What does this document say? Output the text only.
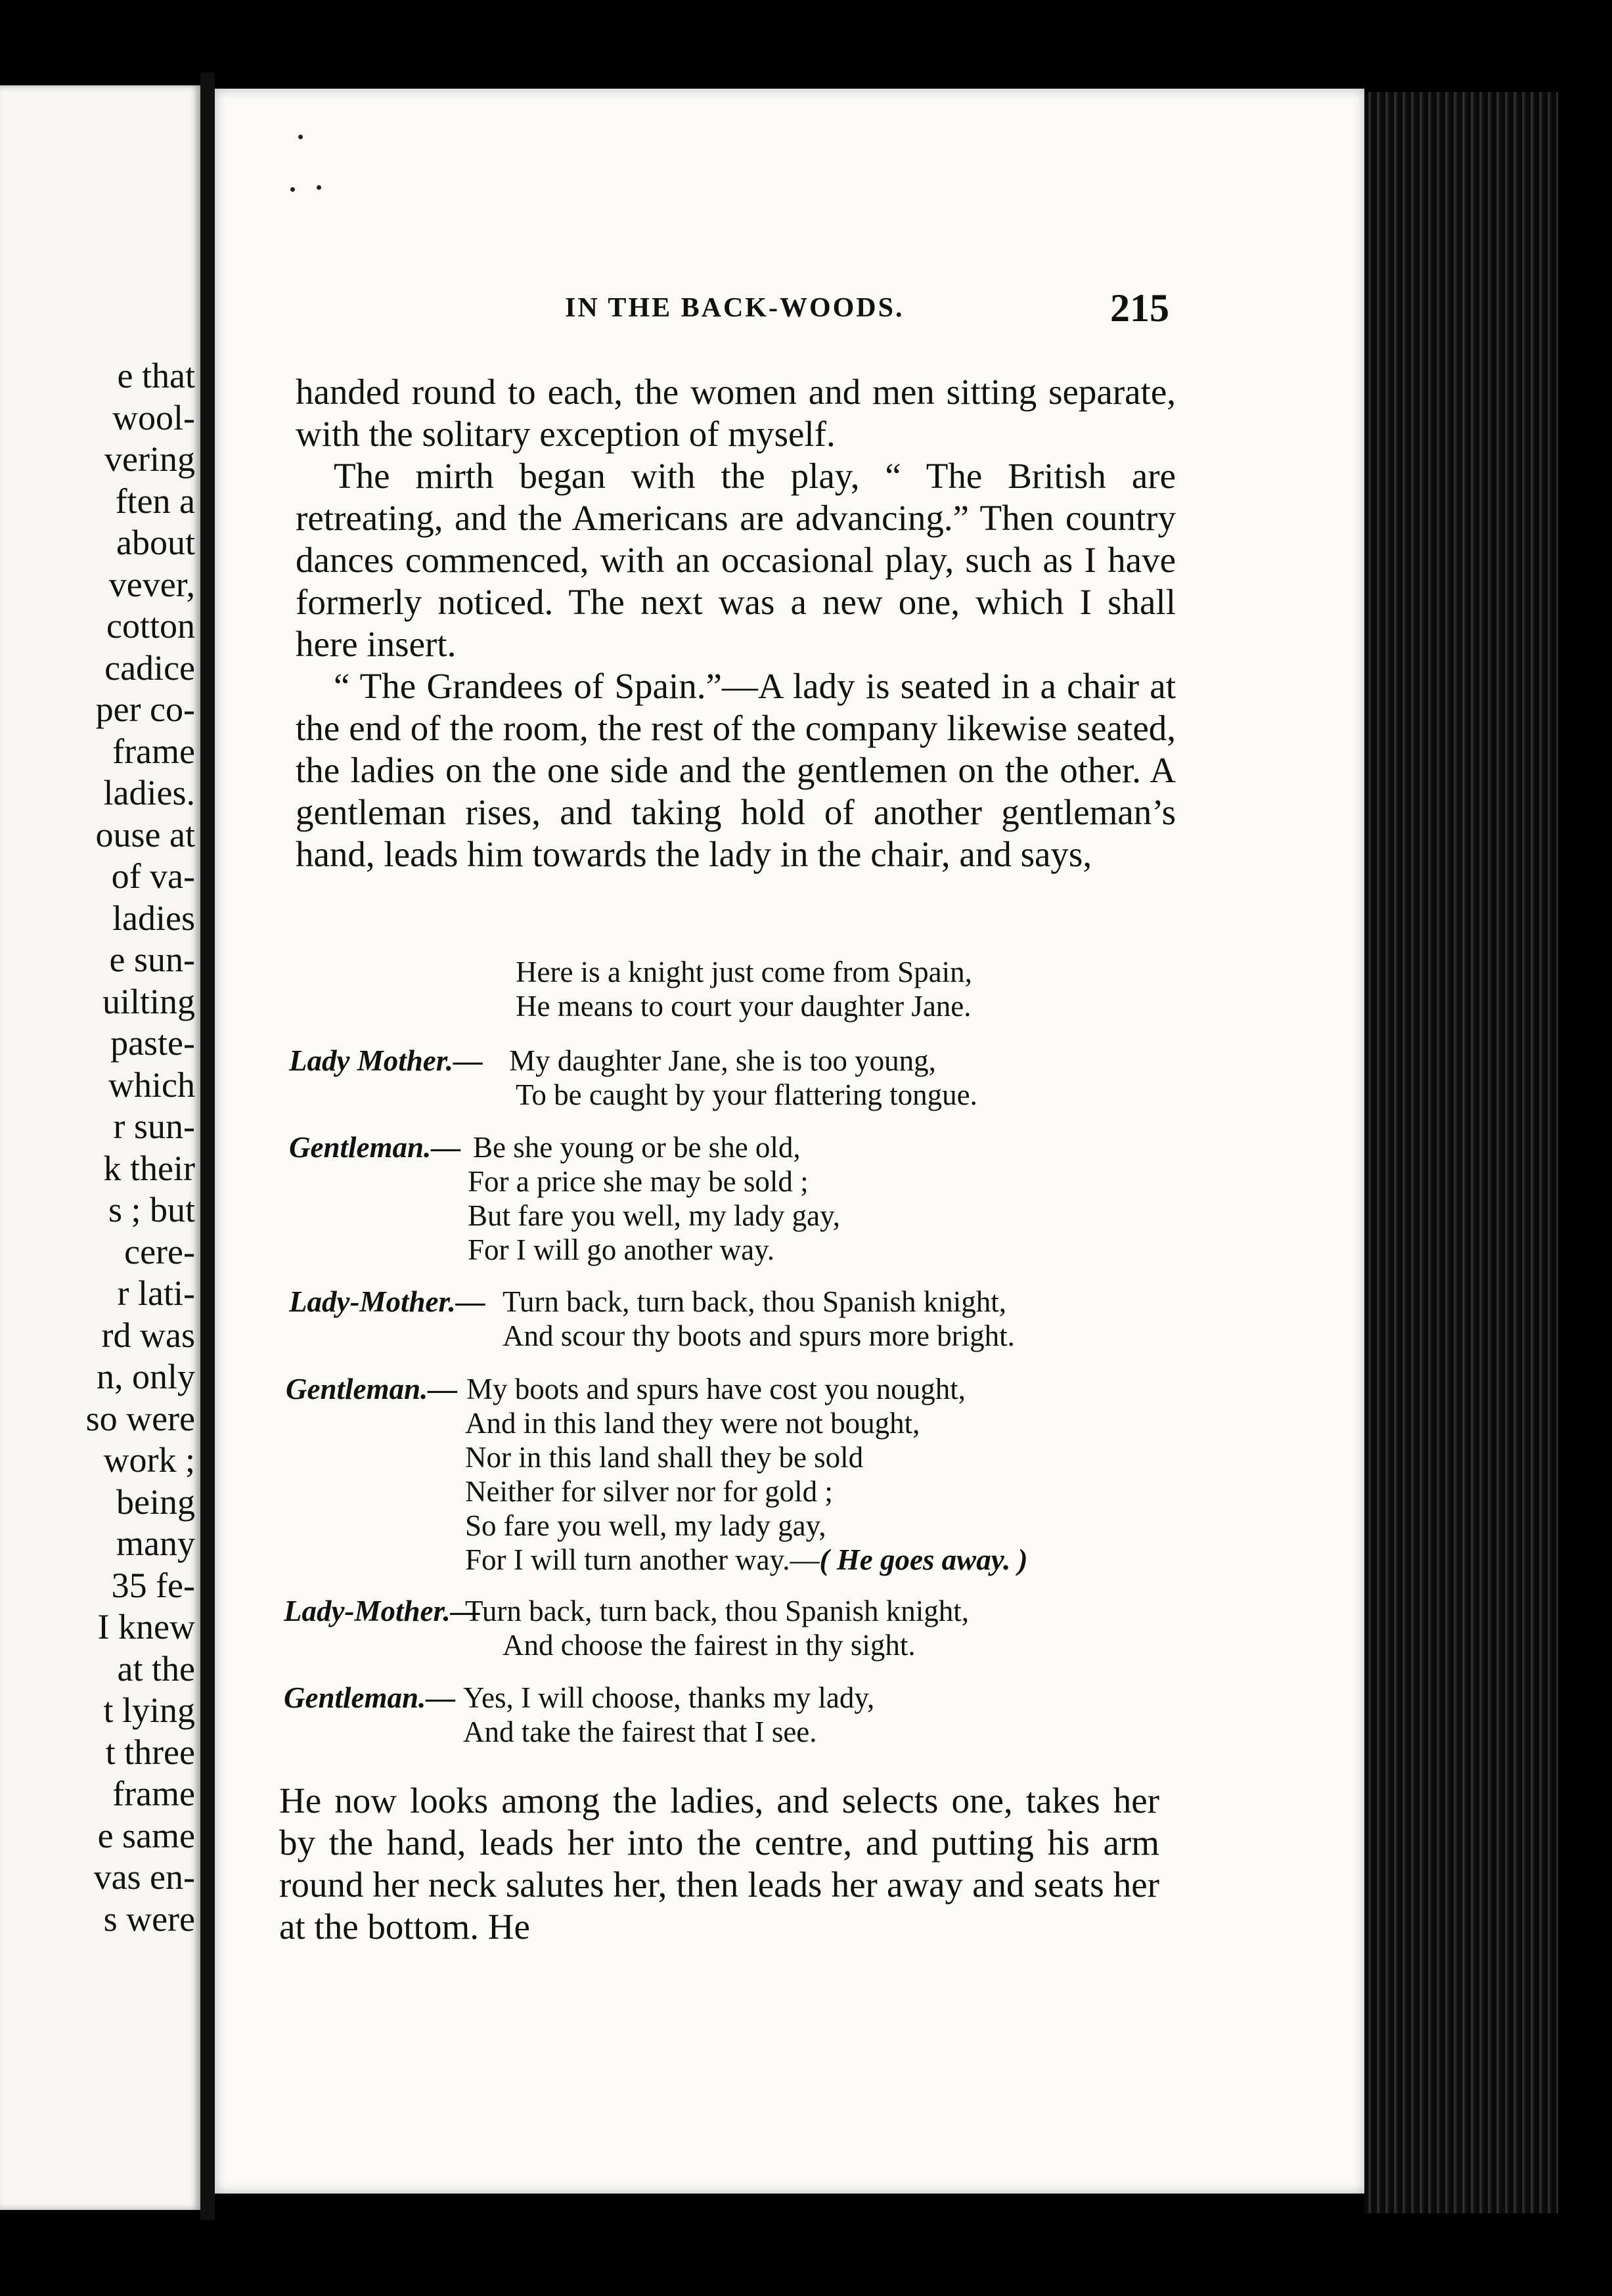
e that
wool-
vering
ften a
about
vever,
cotton
cadice
per co-
frame
ladies.
ouse at
of va-
ladies
e sun-
uilting
paste-
which
r sun-
k their
s ; but
cere-
r lati-
rd was
n, only
so were
work ;
being
many
35 fe-
I knew
at the
t lying
t three
frame
e same
vas en-
s were
IN THE BACK-WOODS.	215

handed round to each, the women and men sitting separate, with the solitary exception of myself.

The mirth began with the play, “ The British are retreating, and the Americans are advancing.” Then country dances commenced, with an occasional play, such as I have formerly noticed. The next was a new one, which I shall here insert.

“ The Grandees of Spain.”—A lady is seated in a chair at the end of the room, the rest of the company likewise seated, the ladies on the one side and the gentlemen on the other. A gentleman rises, and taking hold of another gentleman’s hand, leads him towards the lady in the chair, and says,

Here is a knight just come from Spain,
He means to court your daughter Jane.
Lady Mother.— My daughter Jane, she is too young,
To be caught by your flattering tongue.
Gentleman.— Be she young or be she old,
For a price she may be sold ;
But fare you well, my lady gay,
For I will go another way.
Lady-Mother.— Turn back, turn back, thou Spanish knight,
And scour thy boots and spurs more bright.
Gentleman.— My boots and spurs have cost you nought,
And in this land they were not bought,
Nor in this land shall they be sold
Neither for silver nor for gold ;
So fare you well, my lady gay,
For I will turn another way.—( He goes away. )
Lady-Mother.—
Turn back, turn back, thou Spanish knight,
And choose the fairest in thy sight.
Gentleman.— Yes, I will choose, thanks my lady,
And take the fairest that I see.

He now looks among the ladies, and selects one, takes her by the hand, leads her into the centre, and putting his arm round her neck salutes her, then leads her away and seats her at the bottom. He
